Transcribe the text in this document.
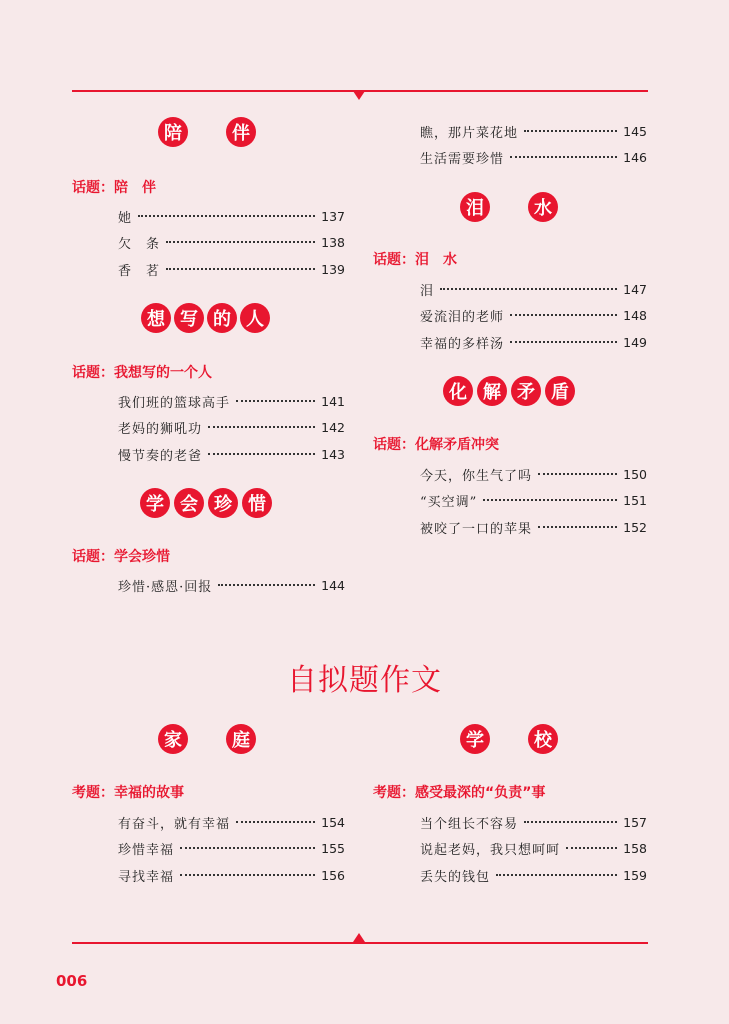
陪	伴
话题：陪　伴
她	137
欠　条	138
香　茗	139
想 写 的 人
话题：我想写的一个人
我们班的篮球高手	141
老妈的狮吼功	142
慢节奏的老爸	143
学 会 珍 惜
话题：学会珍惜
珍惜·感恩·回报	144
瞧，那片菜花地	145
生活需要珍惜	146
泪	水
话题：泪　水
泪	147
爱流泪的老师	148
幸福的多样汤	149
化 解 矛 盾
话题：化解矛盾冲突
今天，你生气了吗	150
“买空调”	151
被咬了一口的苹果	152
自拟题作文
家	庭
考题：幸福的故事
有奋斗，就有幸福	154
珍惜幸福	155
寻找幸福	156
学	校
考题：感受最深的“负责”事
当个组长不容易	157
说起老妈，我只想呵呵	158
丢失的钱包	159
006
